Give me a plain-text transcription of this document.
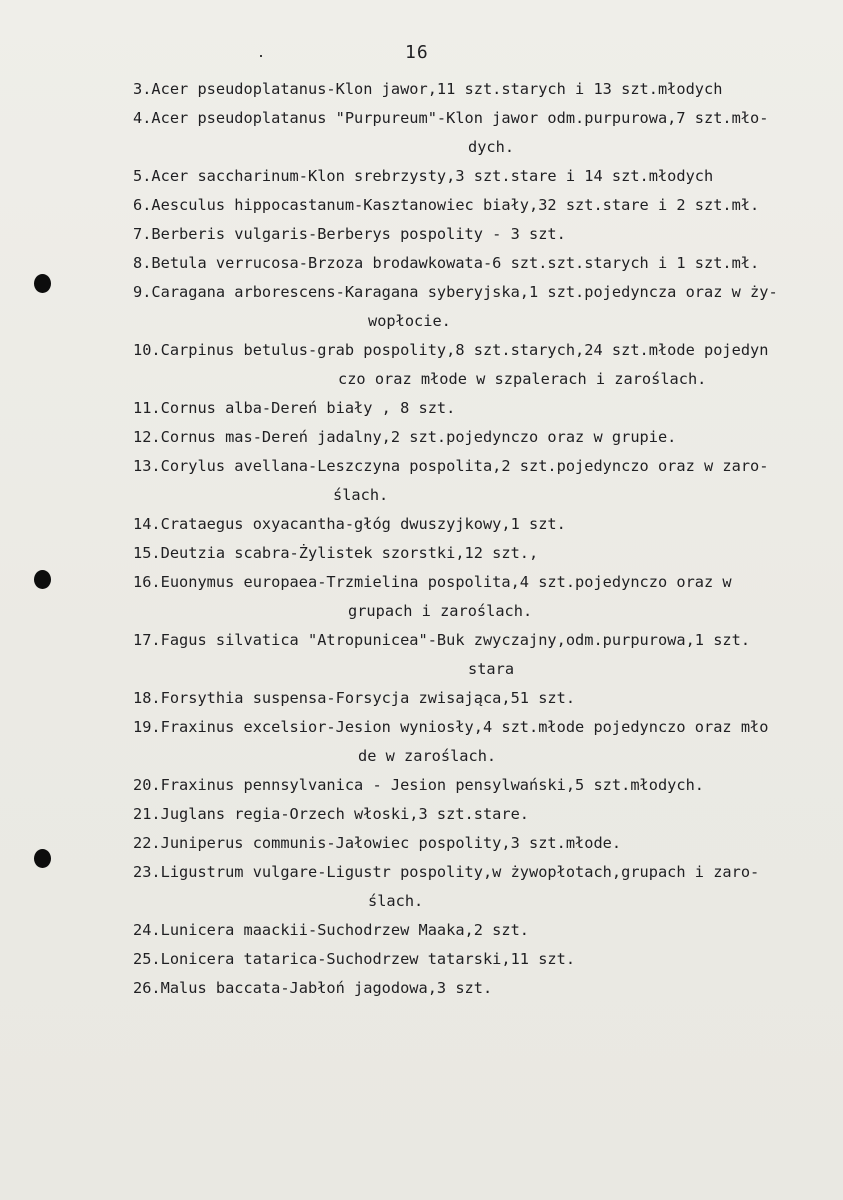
16
3.Acer pseudoplatanus-Klon jawor,11 szt.starych i 13 szt.młodych
4.Acer pseudoplatanus "Purpureum"-Klon jawor odm.purpurowa,7 szt.mło-
dych.
5.Acer saccharinum-Klon srebrzysty,3 szt.stare i 14 szt.młodych
6.Aesculus hippocastanum-Kasztanowiec biały,32 szt.stare i 2 szt.mł.
7.Berberis vulgaris-Berberys pospolity - 3 szt.
8.Betula verrucosa-Brzoza brodawkowata-6 szt.szt.starych i 1 szt.mł.
9.Caragana arborescens-Karagana syberyjska,1 szt.pojedyncza oraz w ży-
wopłocie.
10.Carpinus betulus-grab pospolity,8 szt.starych,24 szt.młode pojedyn
czo oraz młode w szpalerach i zaroślach.
11.Cornus alba-Dereń biały , 8 szt.
12.Cornus mas-Dereń jadalny,2 szt.pojedynczo oraz w grupie.
13.Corylus avellana-Leszczyna pospolita,2 szt.pojedynczo oraz w zaro-
ślach.
14.Crataegus oxyacantha-głóg dwuszyjkowy,1 szt.
15.Deutzia scabra-Żylistek szorstki,12 szt.,
16.Euonymus europaea-Trzmielina pospolita,4 szt.pojedynczo oraz w
grupach i zaroślach.
17.Fagus silvatica "Atropunicea"-Buk zwyczajny,odm.purpurowa,1 szt.
stara
18.Forsythia suspensa-Forsycja zwisająca,51 szt.
19.Fraxinus excelsior-Jesion wyniosły,4 szt.młode pojedynczo oraz mło
de w zaroślach.
20.Fraxinus pennsylvanica - Jesion pensylwański,5 szt.młodych.
21.Juglans regia-Orzech włoski,3 szt.stare.
22.Juniperus communis-Jałowiec pospolity,3 szt.młode.
23.Ligustrum vulgare-Ligustr pospolity,w żywopłotach,grupach i zaro-
ślach.
24.Lunicera maackii-Suchodrzew Maaka,2 szt.
25.Lonicera tatarica-Suchodrzew tatarski,11 szt.
26.Malus baccata-Jabłoń jagodowa,3 szt.
